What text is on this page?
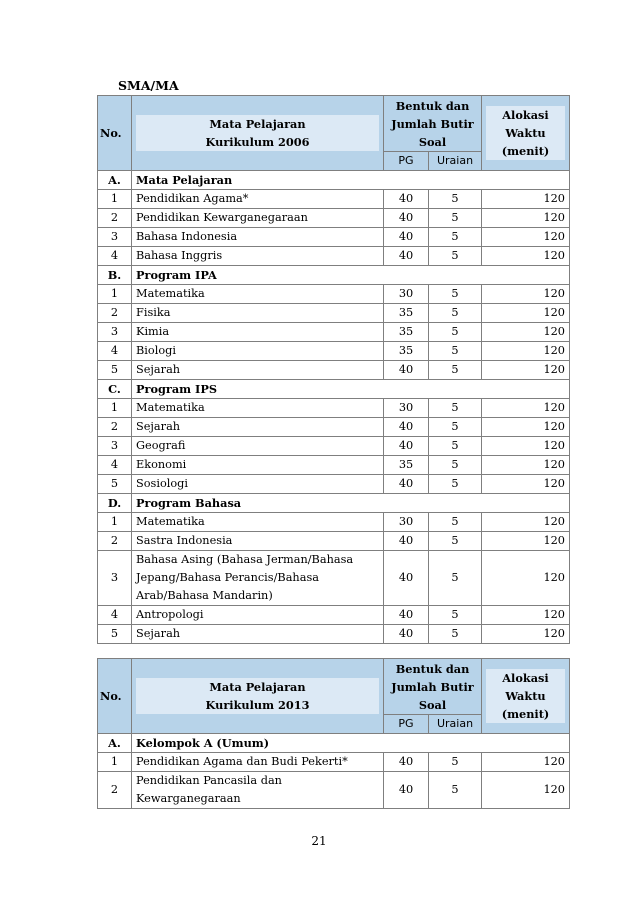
SMA/MA
No.	Mata Pelajaran
Kurikulum 2006	Bentuk dan
Jumlah Butir
Soal		Alokasi
Waktu
(menit)

		PG	Uraian	
A.	Mata Pelajaran			
1	Pendidikan Agama*	40	5	120
2	Pendidikan Kewarganegaraan	40	5	120
3	Bahasa Indonesia	40	5	120
4	Bahasa Inggris	40	5	120
B.	Program IPA			
1	Matematika	30	5	120
2	Fisika	35	5	120
3	Kimia	35	5	120
4	Biologi	35	5	120
5	Sejarah	40	5	120
C.	Program IPS			
1	Matematika	30	5	120
2	Sejarah	40	5	120
3	Geografi	40	5	120
4	Ekonomi	35	5	120
5	Sosiologi	40	5	120
D.	Program Bahasa			
1	Matematika	30	5	120
2	Sastra Indonesia	40	5	120
3	Bahasa Asing (Bahasa Jerman/Bahasa
Jepang/Bahasa Perancis/Bahasa
Arab/Bahasa Mandarin)	40	5	120
4	Antropologi	40	5	120
5	Sejarah	40	5	120
No.	Mata Pelajaran
Kurikulum 2013	Bentuk dan
Jumlah Butir
Soal		Alokasi
Waktu
(menit)

		PG	Uraian	
A.	Kelompok A (Umum)			
1	Pendidikan Agama dan Budi Pekerti*	40	5	120
2	Pendidikan Pancasila dan
Kewarganegaraan	40	5	120
21
